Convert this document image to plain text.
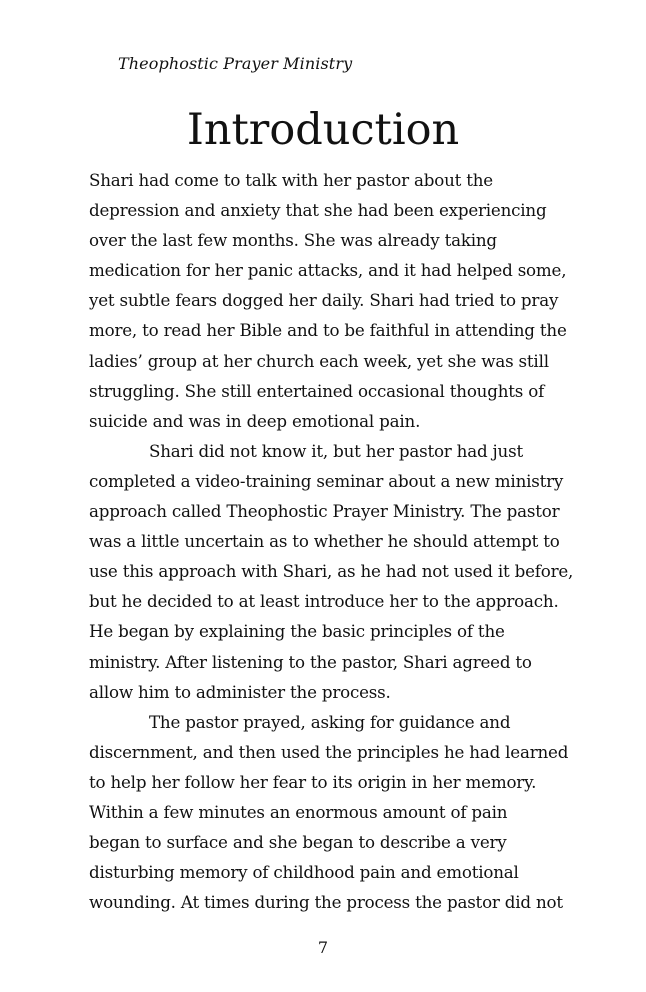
Theophostic Prayer Ministry
Introduction
Shari had come to talk with her pastor about the
depression and anxiety that she had been experiencing
over the last few months. She was already taking
medication for her panic attacks, and it had helped some,
yet subtle fears dogged her daily. Shari had tried to pray
more, to read her Bible and to be faithful in attending the
ladies’ group at her church each week, yet she was still
struggling. She still entertained occasional thoughts of
suicide and was in deep emotional pain.
Shari did not know it, but her pastor had just
completed a video-training seminar about a new ministry
approach called Theophostic Prayer Ministry. The pastor
was a little uncertain as to whether he should attempt to
use this approach with Shari, as he had not used it before,
but he decided to at least introduce her to the approach.
He began by explaining the basic principles of the
ministry. After listening to the pastor, Shari agreed to
allow him to administer the process.
The pastor prayed, asking for guidance and
discernment, and then used the principles he had learned
to help her follow her fear to its origin in her memory.
Within a few minutes an enormous amount of pain
began to surface and she began to describe a very
disturbing memory of childhood pain and emotional
wounding. At times during the process the pastor did not
7
